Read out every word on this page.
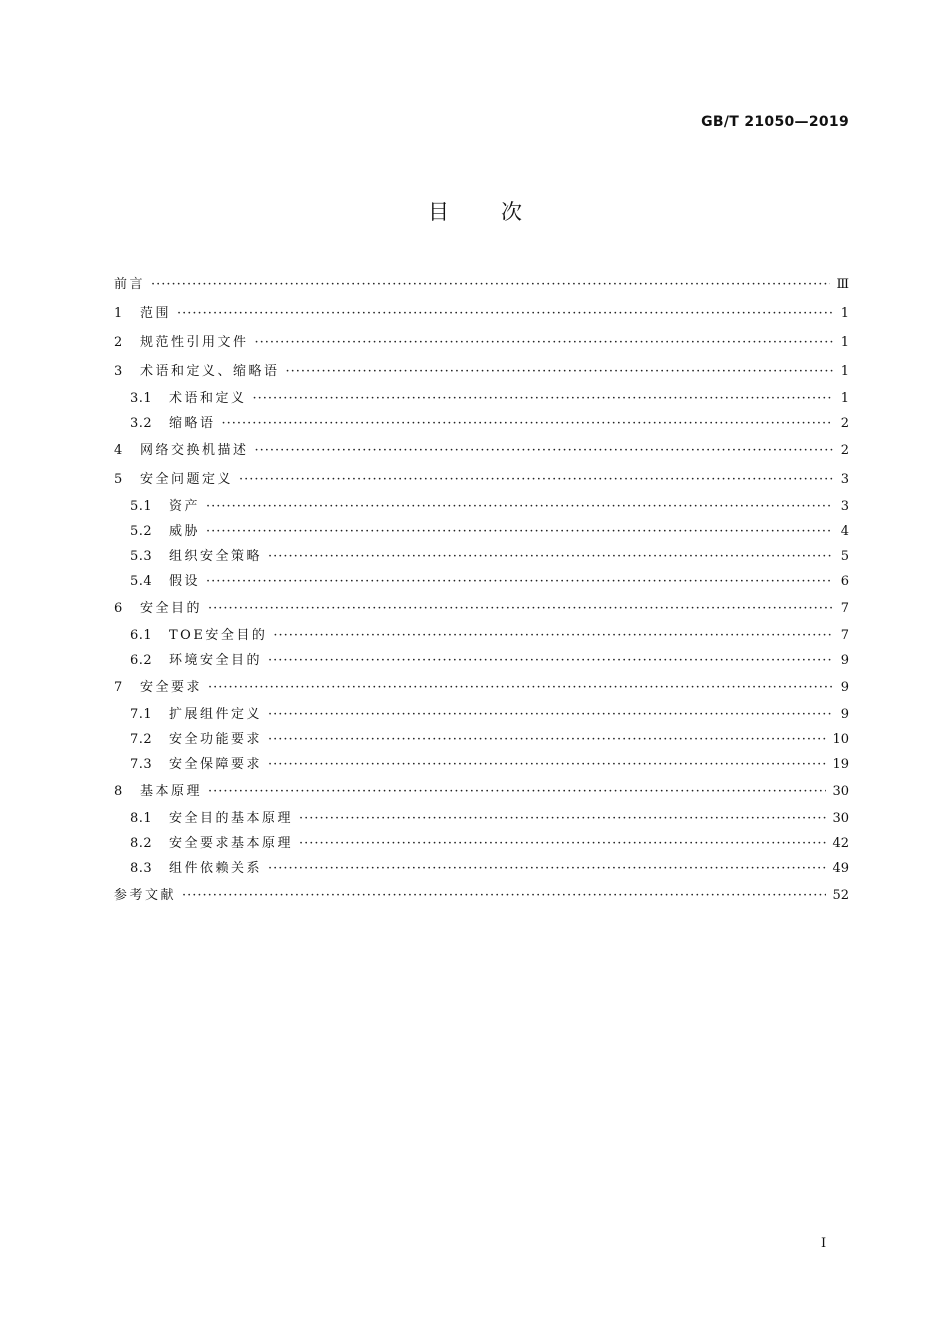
GB/T 21050—2019
目次
前言 ·····	Ⅲ
1	范围 ·····	1
2	规范性引用文件 ·····	1
3	术语和定义、缩略语 ·····	1
3.1	术语和定义 ·····	1
3.2	缩略语 ·····	2
4	网络交换机描述 ·····	2
5	安全问题定义 ·····	3
5.1	资产 ·····	3
5.2	威胁 ·····	4
5.3	组织安全策略 ·····	5
5.4	假设 ·····	6
6	安全目的 ·····	7
6.1	TOE安全目的 ·····	7
6.2	环境安全目的 ·····	9
7	安全要求 ·····	9
7.1	扩展组件定义 ·····	9
7.2	安全功能要求 ·····	10
7.3	安全保障要求 ·····	19
8	基本原理 ·····	30
8.1	安全目的基本原理 ·····	30
8.2	安全要求基本原理 ·····	42
8.3	组件依赖关系 ·····	49
参考文献 ·····	52
I
